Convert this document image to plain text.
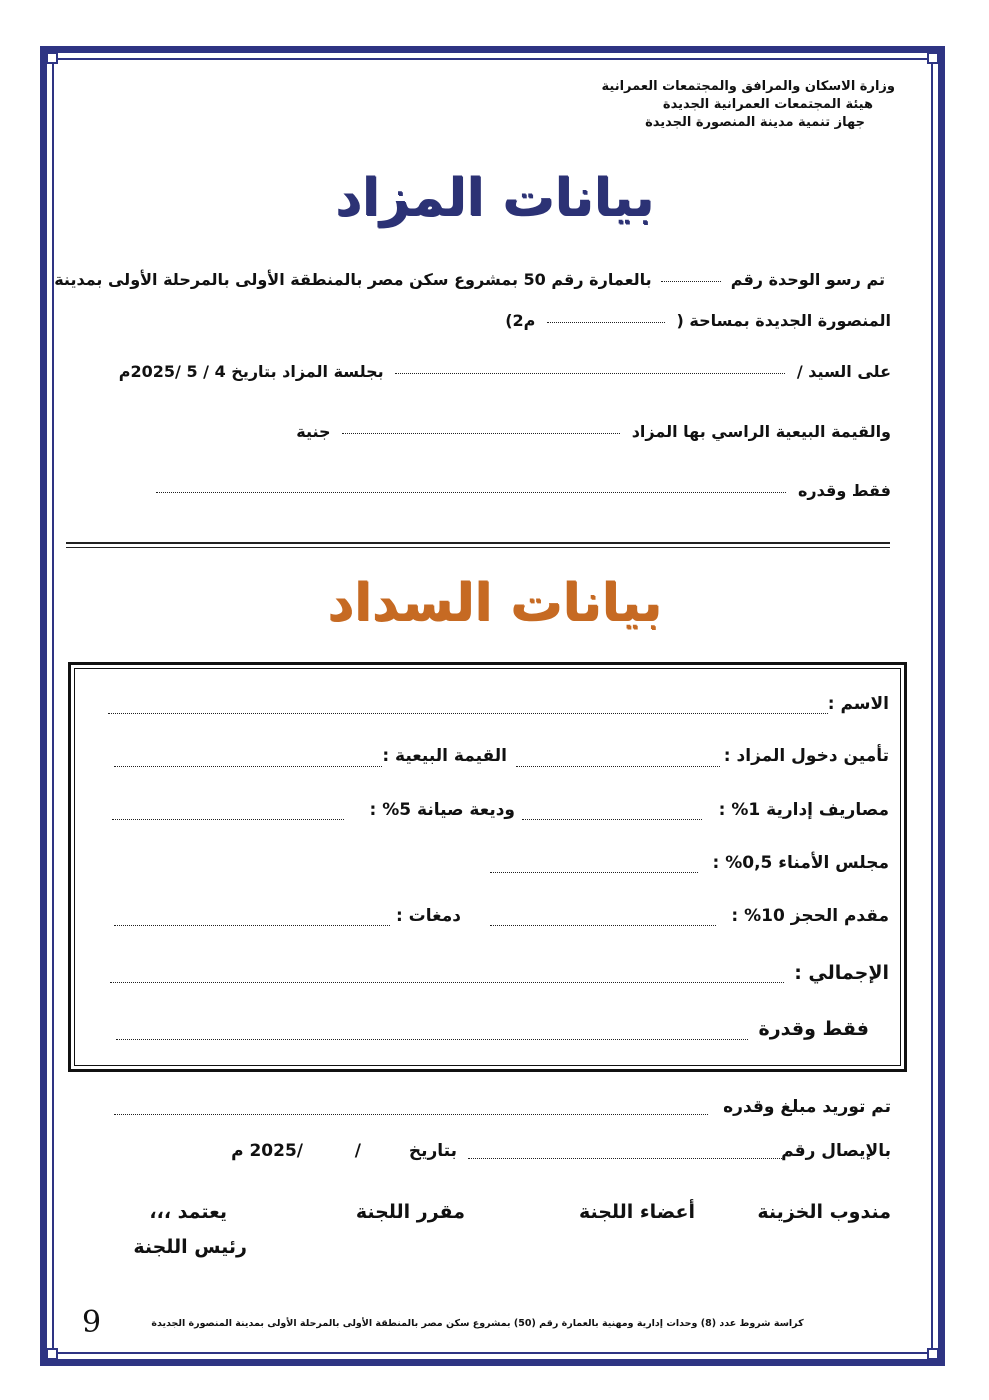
وزارة الاسكان والمرافق والمجتمعات العمرانية
هيئة المجتمعات العمرانية الجديدة
جهاز تنمية مدينة المنصورة الجديدة
بيانات المزاد
تم رسو الوحدة رقم  بالعمارة رقم 50 بمشروع سكن مصر بالمنطقة الأولى بالمرحلة الأولى بمدينة
المنصورة الجديدة بمساحة (  م2)
على السيد /  بجلسة المزاد بتاريخ 4 / 5 /2025م
والقيمة البيعية الراسي بها المزاد  جنية
فقط وقدره
بيانات السداد
الاسم :
تأمين دخول المزاد :
القيمة البيعية :
مصاريف إدارية 1% :
وديعة صيانة 5% :
مجلس الأمناء 0,5% :
مقدم الحجز 10% :
دمغات :
الإجمالي :
فقط وقدرة
تم توريد مبلغ وقدره
بالإيصال رقم
بتاريخ
/
/2025 م
مندوب الخزينة
أعضاء اللجنة
مقرر اللجنة
يعتمد ،،،
رئيس اللجنة
9	كراسة شروط عدد (8) وحدات إدارية ومهنية بالعمارة رقم (50) بمشروع سكن مصر بالمنطقة الأولى بالمرحلة الأولى بمدينة المنصورة الجديدة
